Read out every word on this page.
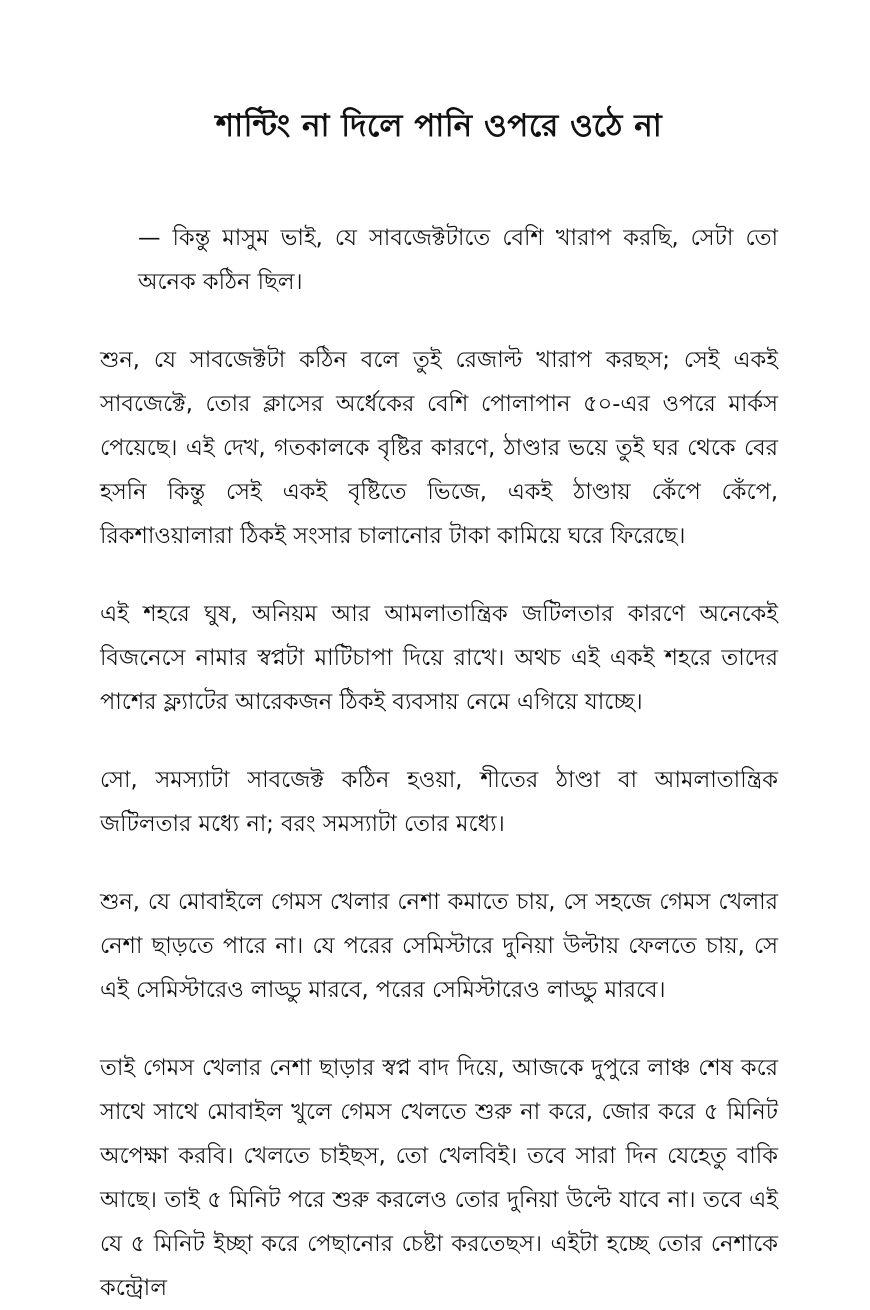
শান্টিং না দিলে পানি ওপরে ওঠে না

— কিন্তু মাসুম ভাই, যে সাবজেক্টটাতে বেশি খারাপ করছি, সেটা তো অনেক কঠিন ছিল।

শুন, যে সাবজেক্টটা কঠিন বলে তুই রেজাল্ট খারাপ করছস; সেই একই সাবজেক্টে, তোর ক্লাসের অর্ধেকের বেশি পোলাপান ৫০-এর ওপরে মার্কস পেয়েছে। এই দেখ, গতকালকে বৃষ্টির কারণে, ঠাণ্ডার ভয়ে তুই ঘর থেকে বের হসনি কিন্তু সেই একই বৃষ্টিতে ভিজে, একই ঠাণ্ডায় কেঁপে কেঁপে, রিকশাওয়ালারা ঠিকই সংসার চালানোর টাকা কামিয়ে ঘরে ফিরেছে।

এই শহরে ঘুষ, অনিয়ম আর আমলাতান্ত্রিক জটিলতার কারণে অনেকেই বিজনেসে নামার স্বপ্নটা মাটিচাপা দিয়ে রাখে। অথচ এই একই শহরে তাদের পাশের ফ্ল্যাটের আরেকজন ঠিকই ব্যবসায় নেমে এগিয়ে যাচ্ছে।

সো, সমস্যাটা সাবজেক্ট কঠিন হওয়া, শীতের ঠাণ্ডা বা আমলাতান্ত্রিক জটিলতার মধ্যে না; বরং সমস্যাটা তোর মধ্যে।

শুন, যে মোবাইলে গেমস খেলার নেশা কমাতে চায়, সে সহজে গেমস খেলার নেশা ছাড়তে পারে না। যে পরের সেমিস্টারে দুনিয়া উল্টায় ফেলতে চায়, সে এই সেমিস্টারেও লাড্ডু মারবে, পরের সেমিস্টারেও লাড্ডু মারবে।

তাই গেমস খেলার নেশা ছাড়ার স্বপ্ন বাদ দিয়ে, আজকে দুপুরে লাঞ্চ শেষ করে সাথে সাথে মোবাইল খুলে গেমস খেলতে শুরু না করে, জোর করে ৫ মিনিট অপেক্ষা করবি। খেলতে চাইছস, তো খেলবিই। তবে সারা দিন যেহেতু বাকি আছে। তাই ৫ মিনিট পরে শুরু করলেও তোর দুনিয়া উল্টে যাবে না। তবে এই যে ৫ মিনিট ইচ্ছা করে পেছানোর চেষ্টা করতেছস। এইটা হচ্ছে তোর নেশাকে কন্ট্রোল
